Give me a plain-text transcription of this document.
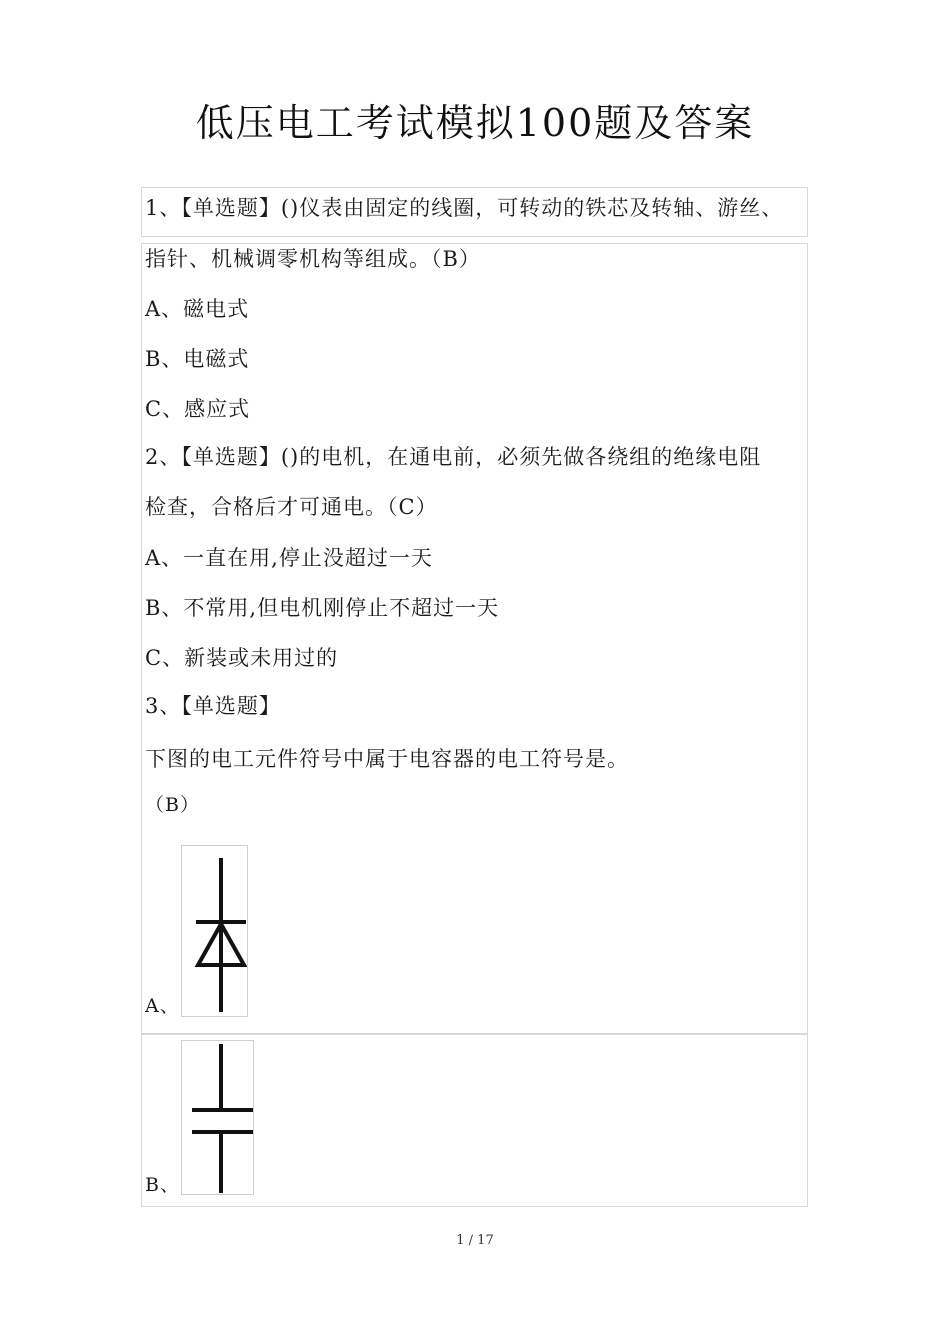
低压电工考试模拟100题及答案
1、【单选题】()仪表由固定的线圈，可转动的铁芯及转轴、游丝、
指针、机械调零机构等组成。（B）
A、磁电式
B、电磁式
C、感应式
2、【单选题】()的电机，在通电前，必须先做各绕组的绝缘电阻
检查，合格后才可通电。（C）
A、一直在用,停止没超过一天
B、不常用,但电机刚停止不超过一天
C、新装或未用过的
3、【单选题】
下图的电工元件符号中属于电容器的电工符号是。
（B）
A、
B、
1 / 17
